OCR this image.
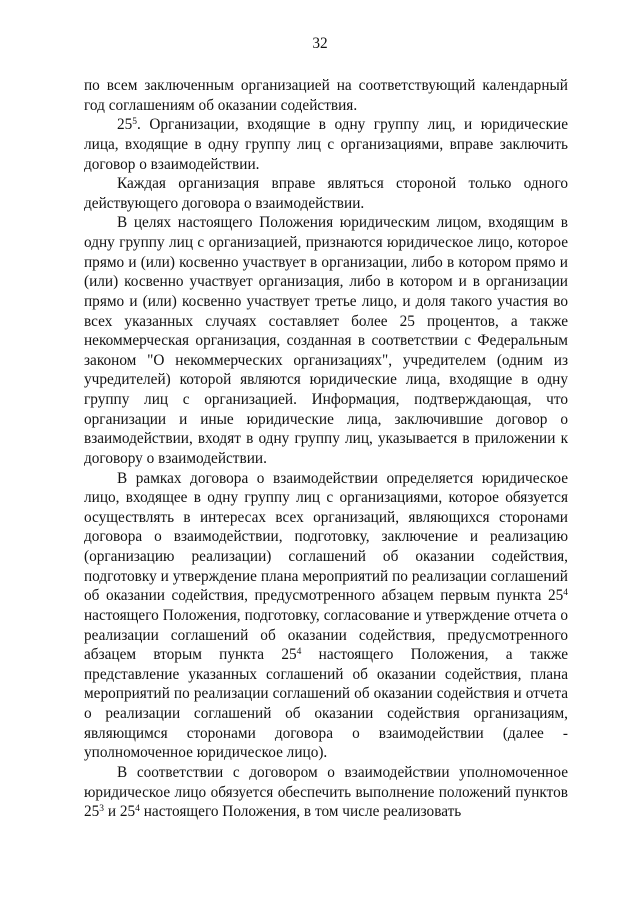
32

по всем заключенным организацией на соответствующий календарный год соглашениям об оказании содействия.

$25^5$. Организации, входящие в одну группу лиц, и юридические лица, входящие в одну группу лиц с организациями, вправе заключить договор о взаимодействии.

Каждая организация вправе являться стороной только одного действующего договора о взаимодействии.

В целях настоящего Положения юридическим лицом, входящим в одну группу лиц с организацией, признаются юридическое лицо, которое прямо и (или) косвенно участвует в организации, либо в котором прямо и (или) косвенно участвует организация, либо в котором и в организации прямо и (или) косвенно участвует третье лицо, и доля такого участия во всех указанных случаях составляет более 25 процентов, а также некоммерческая организация, созданная в соответствии с Федеральным законом "О некоммерческих организациях", учредителем (одним из учредителей) которой являются юридические лица, входящие в одну группу лиц с организацией. Информация, подтверждающая, что организации и иные юридические лица, заключившие договор о взаимодействии, входят в одну группу лиц, указывается в приложении к договору о взаимодействии.

В рамках договора о взаимодействии определяется юридическое лицо, входящее в одну группу лиц с организациями, которое обязуется осуществлять в интересах всех организаций, являющихся сторонами договора о взаимодействии, подготовку, заключение и реализацию (организацию реализации) соглашений об оказании содействия, подготовку и утверждение плана мероприятий по реализации соглашений об оказании содействия, предусмотренного абзацем первым пункта $25^4$ настоящего Положения, подготовку, согласование и утверждение отчета о реализации соглашений об оказании содействия, предусмотренного абзацем вторым пункта $25^4$ настоящего Положения, а также представление указанных соглашений об оказании содействия, плана мероприятий по реализации соглашений об оказании содействия и отчета о реализации соглашений об оказании содействия организациям, являющимся сторонами договора о взаимодействии (далее - уполномоченное юридическое лицо).

В соответствии с договором о взаимодействии уполномоченное юридическое лицо обязуется обеспечить выполнение положений пунктов $25^3$ и $25^4$ настоящего Положения, в том числе реализовать
